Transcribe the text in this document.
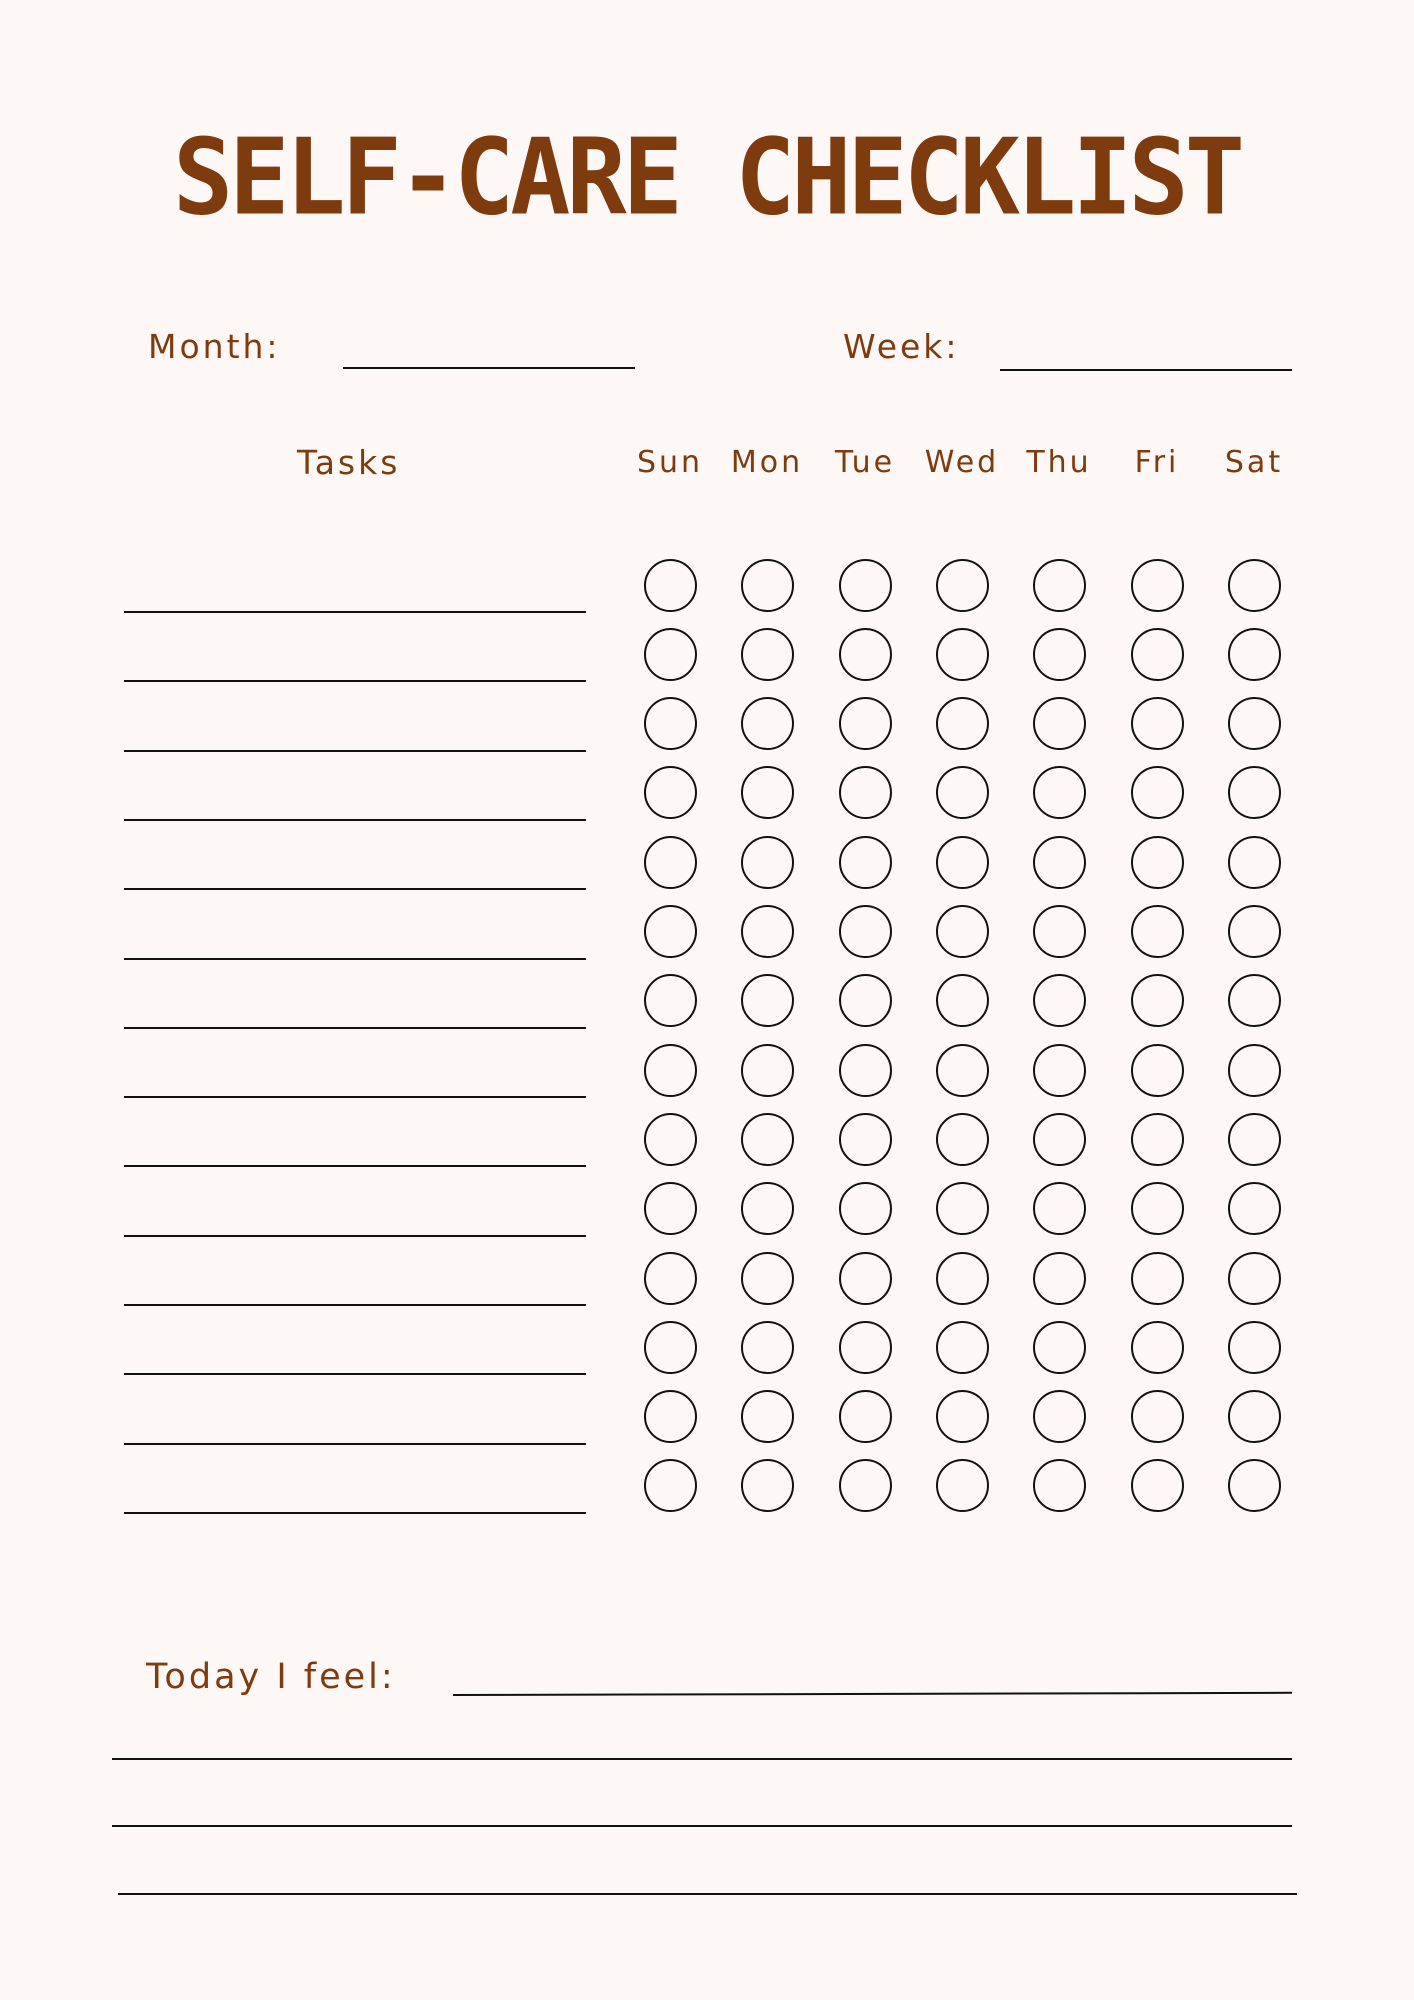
SELF-CARE CHECKLIST
Month:	Week:
Tasks	Sun Mon	Tue Wed Thu	Fri	Sat
Today I feel:
